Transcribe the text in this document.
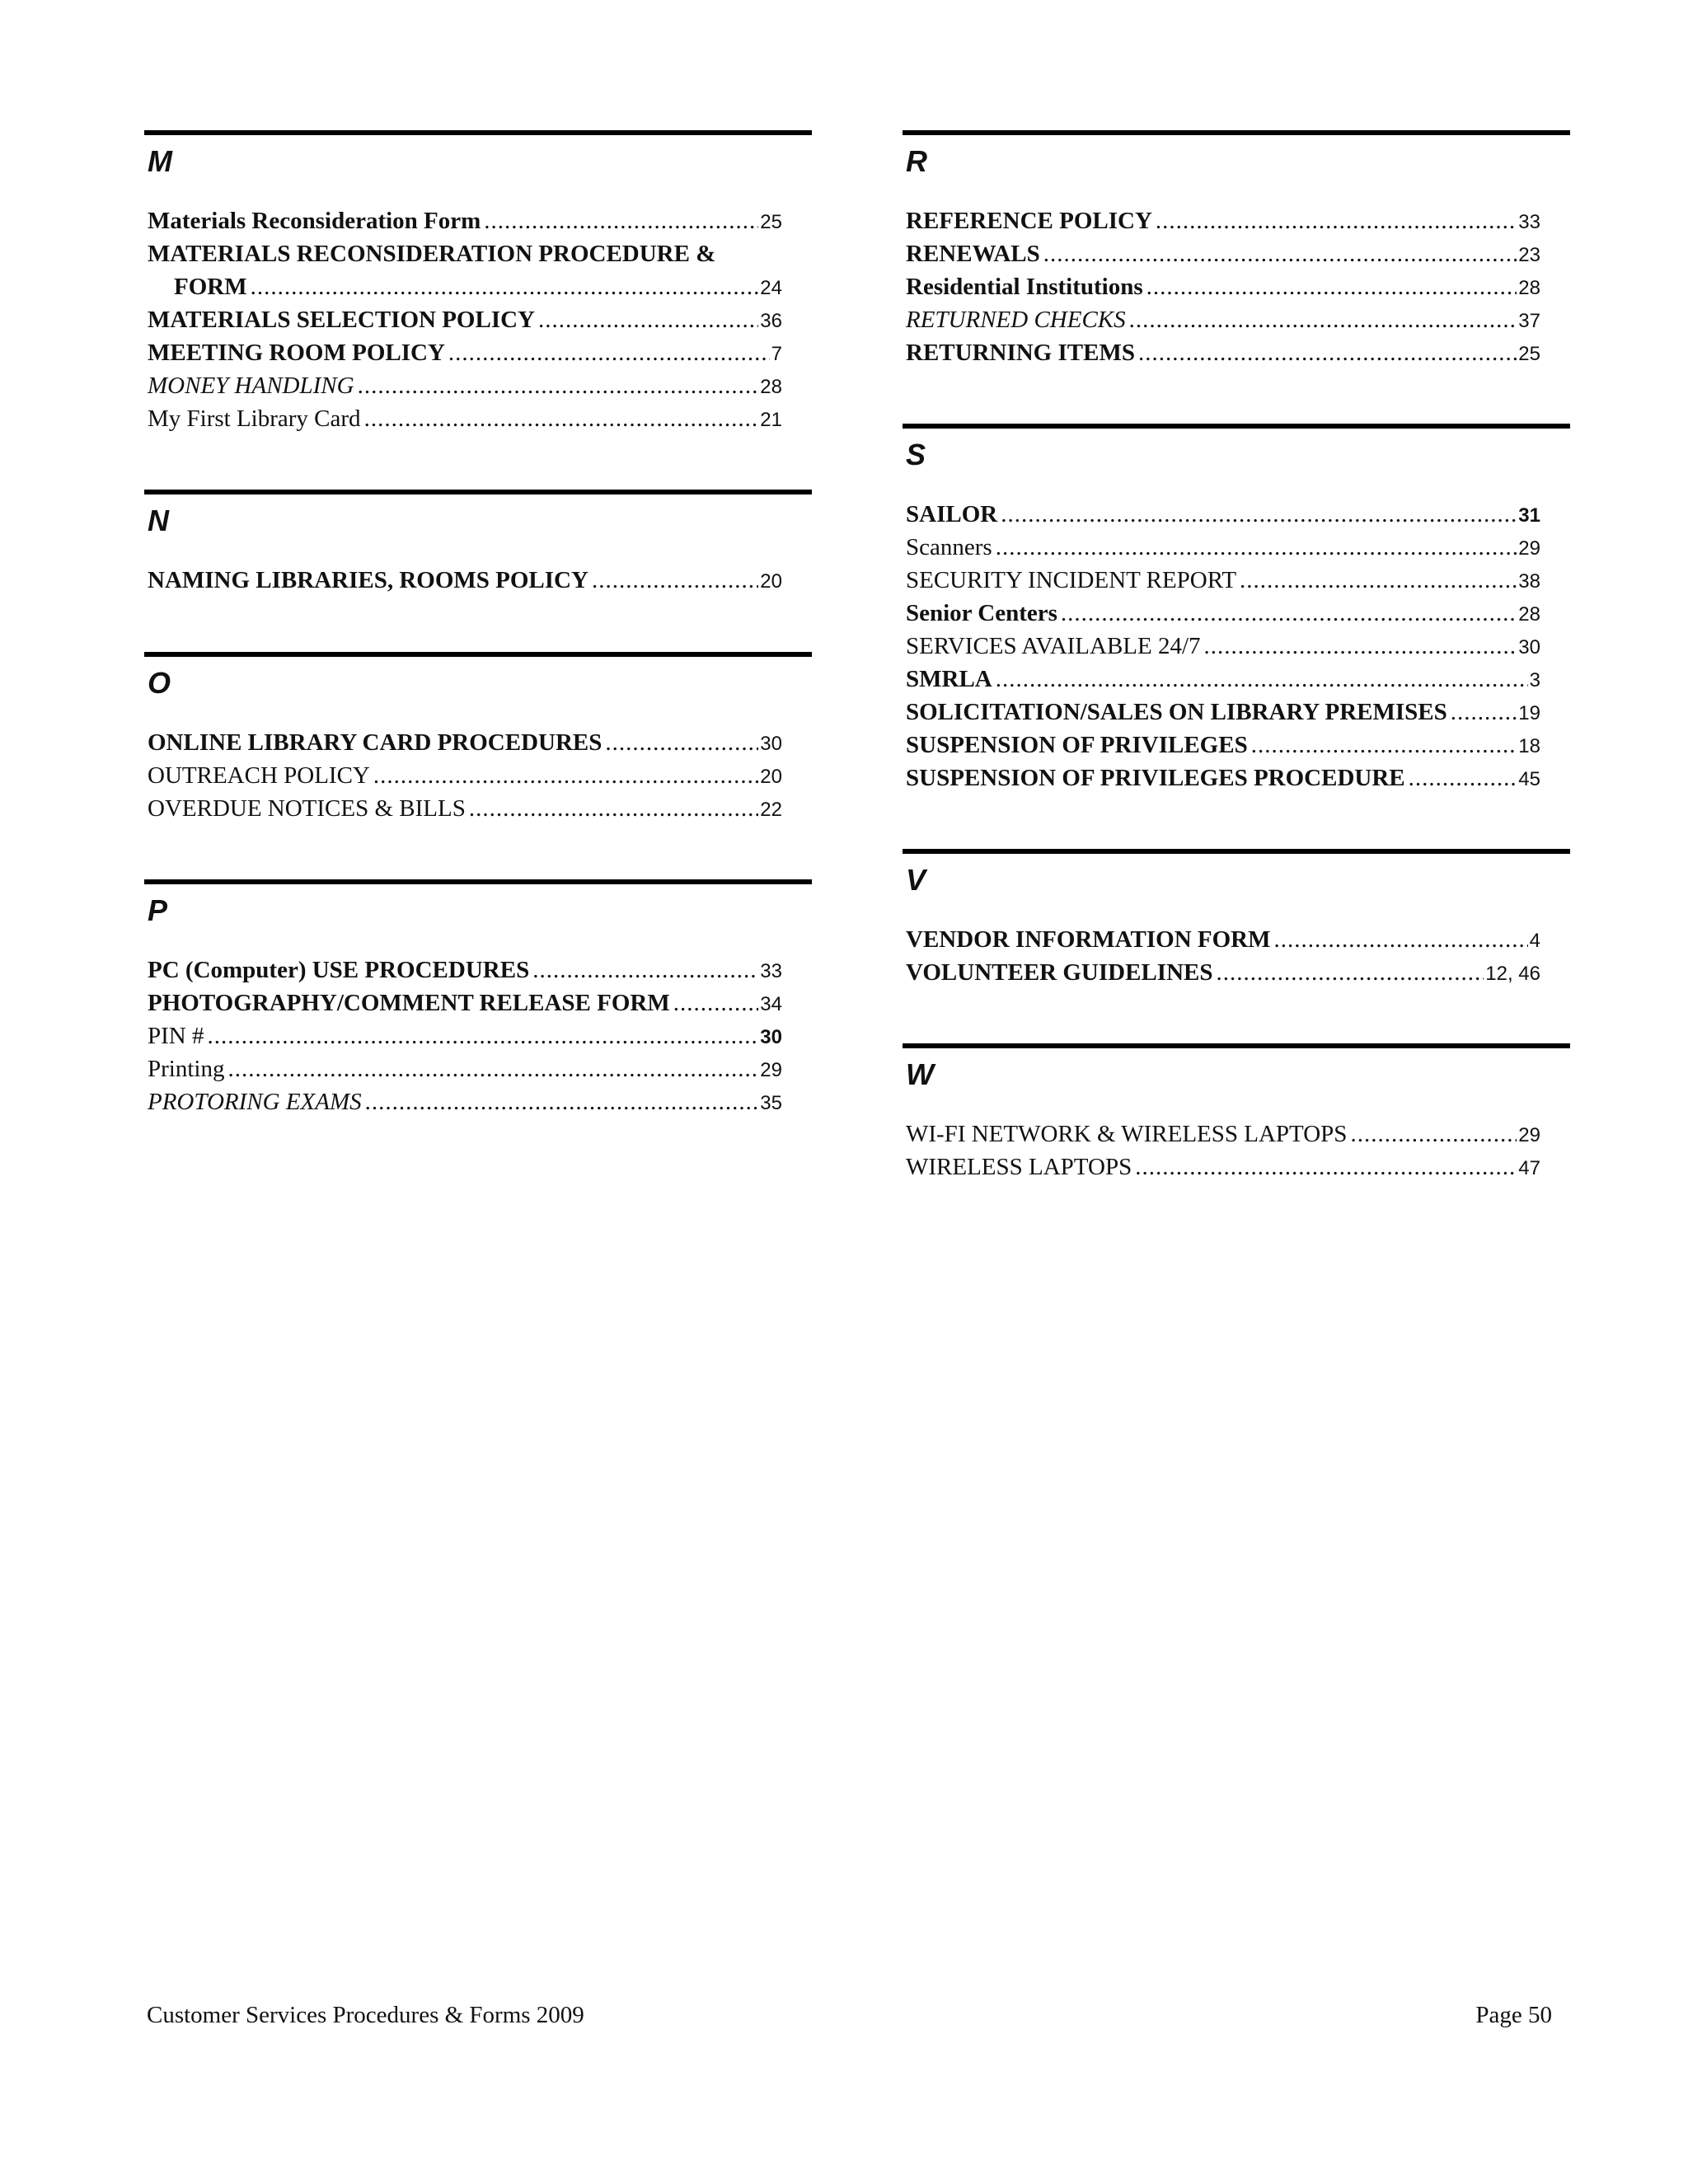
M
Materials Reconsideration Form .....	25
MATERIALS RECONSIDERATION PROCEDURE &
FORM .....	24
MATERIALS SELECTION POLICY .....	36
MEETING ROOM POLICY .....	7
MONEY HANDLING .....	28
My First Library Card .....	21
N
NAMING LIBRARIES, ROOMS POLICY .....	20
O
ONLINE LIBRARY CARD PROCEDURES .....	30
OUTREACH POLICY .....	20
OVERDUE NOTICES & BILLS .....	22
P
PC (Computer) USE PROCEDURES .....	33
PHOTOGRAPHY/COMMENT RELEASE FORM .....	34
PIN # .....	30
Printing .....	29
PROTORING EXAMS .....	35
R
REFERENCE POLICY .....	33
RENEWALS .....	23
Residential Institutions .....	28
RETURNED CHECKS .....	37
RETURNING ITEMS .....	25
S
SAILOR .....	31
Scanners .....	29
SECURITY INCIDENT REPORT .....	38
Senior Centers .....	28
SERVICES AVAILABLE 24/7 .....	30
SMRLA .....	3
SOLICITATION/SALES ON LIBRARY PREMISES .....	19
SUSPENSION OF PRIVILEGES .....	18
SUSPENSION OF PRIVILEGES PROCEDURE .....	45
V
VENDOR INFORMATION FORM .....	4
VOLUNTEER GUIDELINES .....	12, 46
W
WI-FI NETWORK & WIRELESS LAPTOPS .....	29
WIRELESS LAPTOPS .....	47
Customer Services Procedures & Forms 2009	Page 50
